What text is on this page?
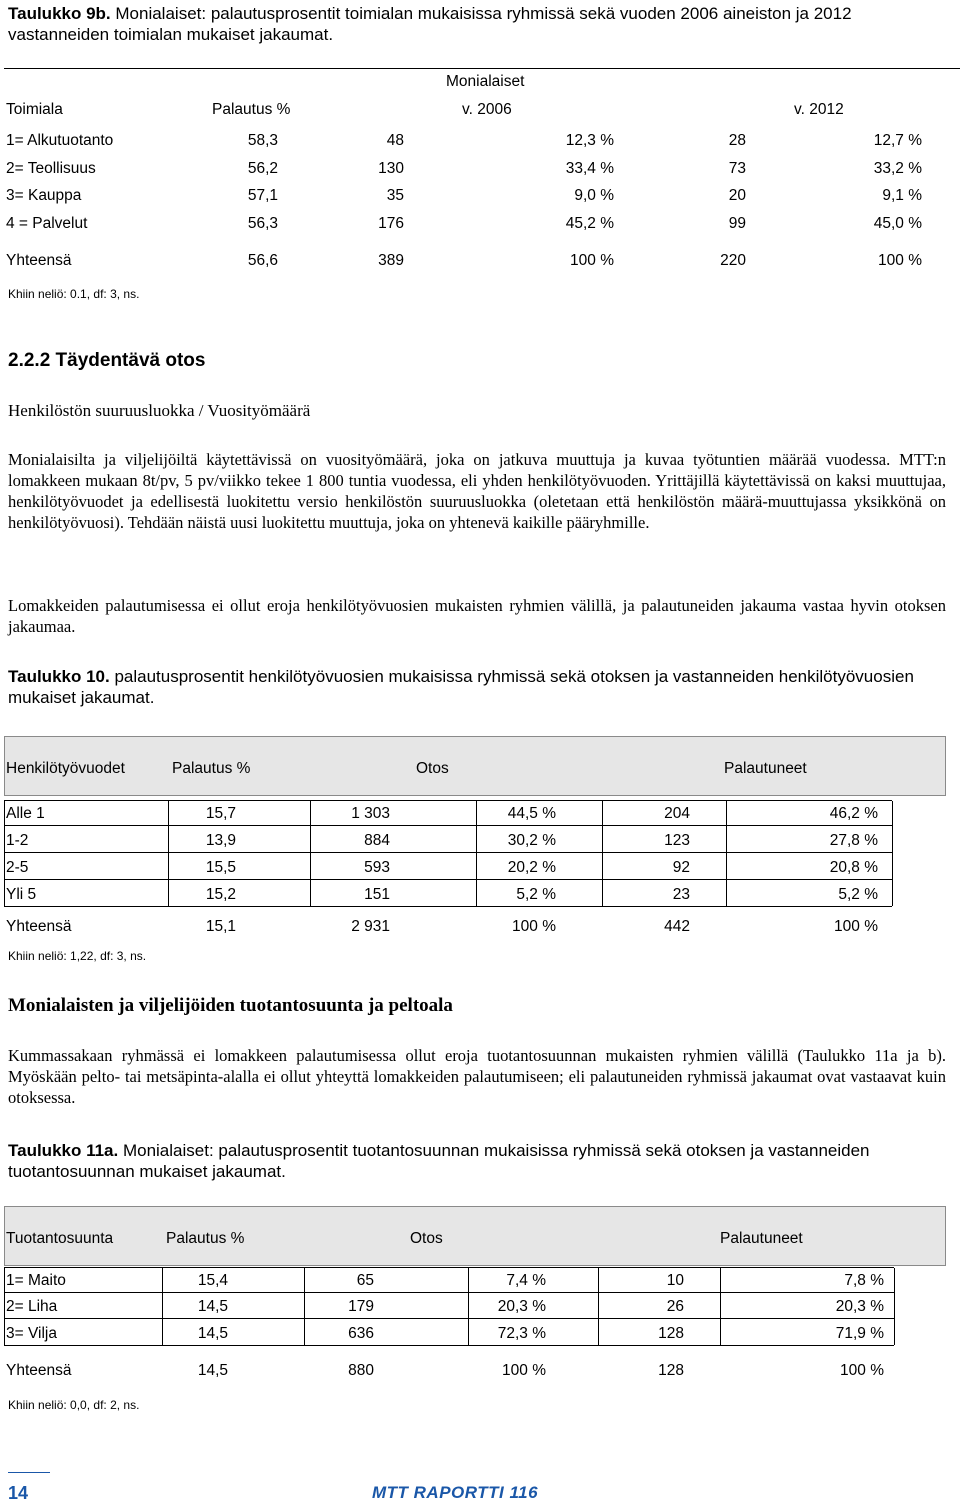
Taulukko 9b. Monialaiset: palautusprosentit toimialan mukaisissa ryhmissä sekä vuoden 2006 aineiston ja 2012 vastanneiden toimialan mukaiset jakaumat.
Monialaiset
Toimiala	Palautus %	v. 2006	v. 2012
1= Alkutuotanto	58,3	48	12,3 %	28	12,7 %
2= Teollisuus	56,2	130	33,4 %	73	33,2 %
3= Kauppa	57,1	35	9,0 %	20	9,1 %
4 = Palvelut	56,3	176	45,2 %	99	45,0 %
Yhteensä	56,6	389	100 %	220	100 %
Khiin neliö: 0.1, df: 3, ns.
2.2.2 Täydentävä otos
Henkilöstön suuruusluokka / Vuosityömäärä
Monialaisilta ja viljelijöiltä käytettävissä on vuosityömäärä, joka on jatkuva muuttuja ja kuvaa työtuntien määrää vuodessa. MTT:n lomakkeen mukaan 8t/pv, 5 pv/viikko tekee 1 800 tuntia vuodessa, eli yhden henkilötyövuoden. Yrittäjillä käytettävissä on kaksi muuttujaa, henkilötyövuodet ja edellisestä luokitettu versio henkilöstön suuruusluokka (oletetaan että henkilöstön määrä-muuttujassa yksikkönä on henkilötyövuosi). Tehdään näistä uusi luokitettu muuttuja, joka on yhtenevä kaikille pääryhmille.
Lomakkeiden palautumisessa ei ollut eroja henkilötyövuosien mukaisten ryhmien välillä, ja palautuneiden jakauma vastaa hyvin otoksen jakaumaa.
Taulukko 10. palautusprosentit henkilötyövuosien mukaisissa ryhmissä sekä otoksen ja vastanneiden henkilötyövuosien mukaiset jakaumat.
Henkilötyövuodet	Palautus %	Otos	Palautuneet
Alle 1	15,7	1 303	44,5 %	204	46,2 %
1-2	13,9	884	30,2 %	123	27,8 %
2-5	15,5	593	20,2 %	92	20,8 %
Yli 5	15,2	151	5,2 %	23	5,2 %
Yhteensä	15,1	2 931	100 %	442	100 %
Khiin neliö: 1,22, df: 3, ns.
Monialaisten ja viljelijöiden tuotantosuunta ja peltoala
Kummassakaan ryhmässä ei lomakkeen palautumisessa ollut eroja tuotantosuunnan mukaisten ryhmien välillä (Taulukko 11a ja b). Myöskään pelto- tai metsäpinta-alalla ei ollut yhteyttä lomakkeiden palautumiseen; eli palautuneiden ryhmissä jakaumat ovat vastaavat kuin otoksessa.
Taulukko 11a. Monialaiset: palautusprosentit tuotantosuunnan mukaisissa ryhmissä sekä otoksen ja vastanneiden tuotantosuunnan mukaiset jakaumat.
Tuotantosuunta	Palautus %	Otos	Palautuneet
1= Maito	15,4	65	7,4 %	10	7,8 %
2= Liha	14,5	179	20,3 %	26	20,3 %
3= Vilja	14,5	636	72,3 %	128	71,9 %
Yhteensä	14,5	880	100 %	128	100 %
Khiin neliö: 0,0, df: 2, ns.
14	MTT RAPORTTI 116
